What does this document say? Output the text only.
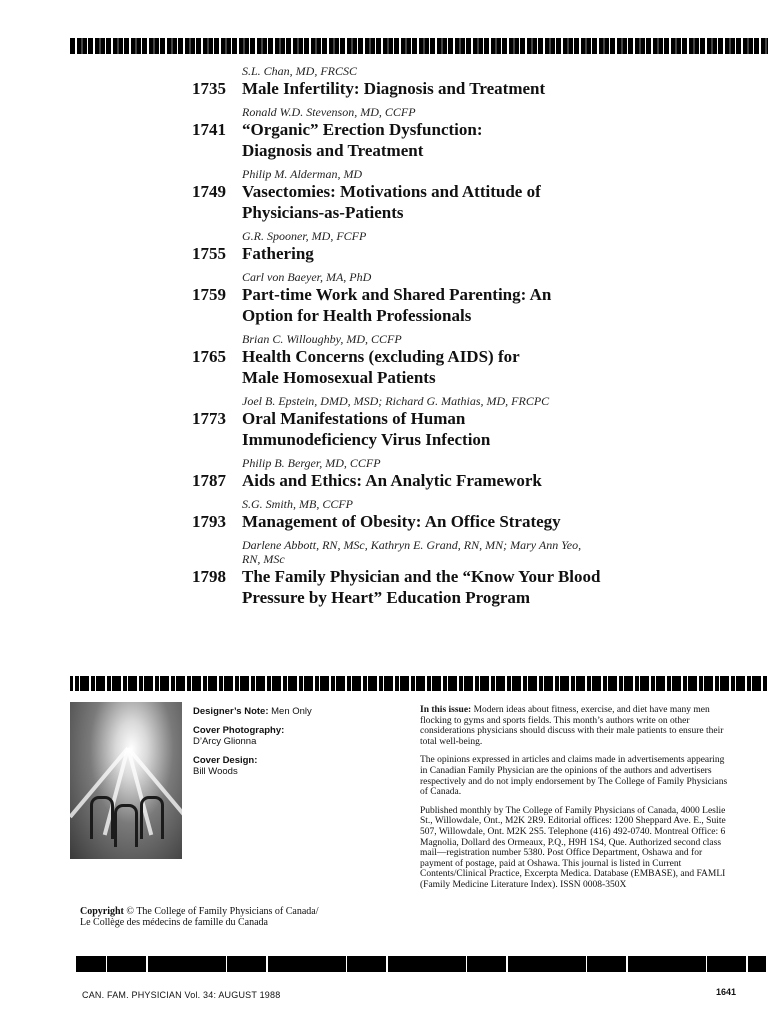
S.L. Chan, MD, FRCSC
1735 Male Infertility: Diagnosis and Treatment
Ronald W.D. Stevenson, MD, CCFP
1741 “Organic” Erection Dysfunction: Diagnosis and Treatment
Philip M. Alderman, MD
1749 Vasectomies: Motivations and Attitude of Physicians-as-Patients
G.R. Spooner, MD, FCFP
1755 Fathering
Carl von Baeyer, MA, PhD
1759 Part-time Work and Shared Parenting: An Option for Health Professionals
Brian C. Willoughby, MD, CCFP
1765 Health Concerns (excluding AIDS) for Male Homosexual Patients
Joel B. Epstein, DMD, MSD; Richard G. Mathias, MD, FRCPC
1773 Oral Manifestations of Human Immunodeficiency Virus Infection
Philip B. Berger, MD, CCFP
1787 Aids and Ethics: An Analytic Framework
S.G. Smith, MB, CCFP
1793 Management of Obesity: An Office Strategy
Darlene Abbott, RN, MSc, Kathryn E. Grand, RN, MN; Mary Ann Yeo, RN, MSc
1798 The Family Physician and the “Know Your Blood Pressure by Heart” Education Program
Designer’s Note: Men Only
Cover Photography:
D’Arcy Glionna
Cover Design:
Bill Woods
Copyright © The College of Family Physicians of Canada/
Le Collège des médecins de famille du Canada

In this issue: Modern ideas about fitness, exercise, and diet have many men flocking to gyms and sports fields. This month’s authors write on other considerations physicians should discuss with their male patients to ensure their total well-being.

The opinions expressed in articles and claims made in advertisements appearing in Canadian Family Physician are the opinions of the authors and advertisers respectively and do not imply endorsement by The College of Family Physicians of Canada.

Published monthly by The College of Family Physicians of Canada, 4000 Leslie St., Willowdale, Ont., M2K 2R9. Editorial offices: 1200 Sheppard Ave. E., Suite 507, Willowdale, Ont. M2K 2S5. Telephone (416) 492-0740. Montreal Office: 6 Magnolia, Dollard des Ormeaux, P.Q., H9H 1S4, Que. Authorized second class mail—registration number 5380. Post Office Department, Oshawa and for payment of postage, paid at Oshawa. This journal is listed in Current Contents/Clinical Practice, Excerpta Medica. Database (EMBASE), and FAMLI (Family Medicine Literature Index). ISSN 0008-350X

CAN. FAM. PHYSICIAN Vol. 34: AUGUST 1988	1641
